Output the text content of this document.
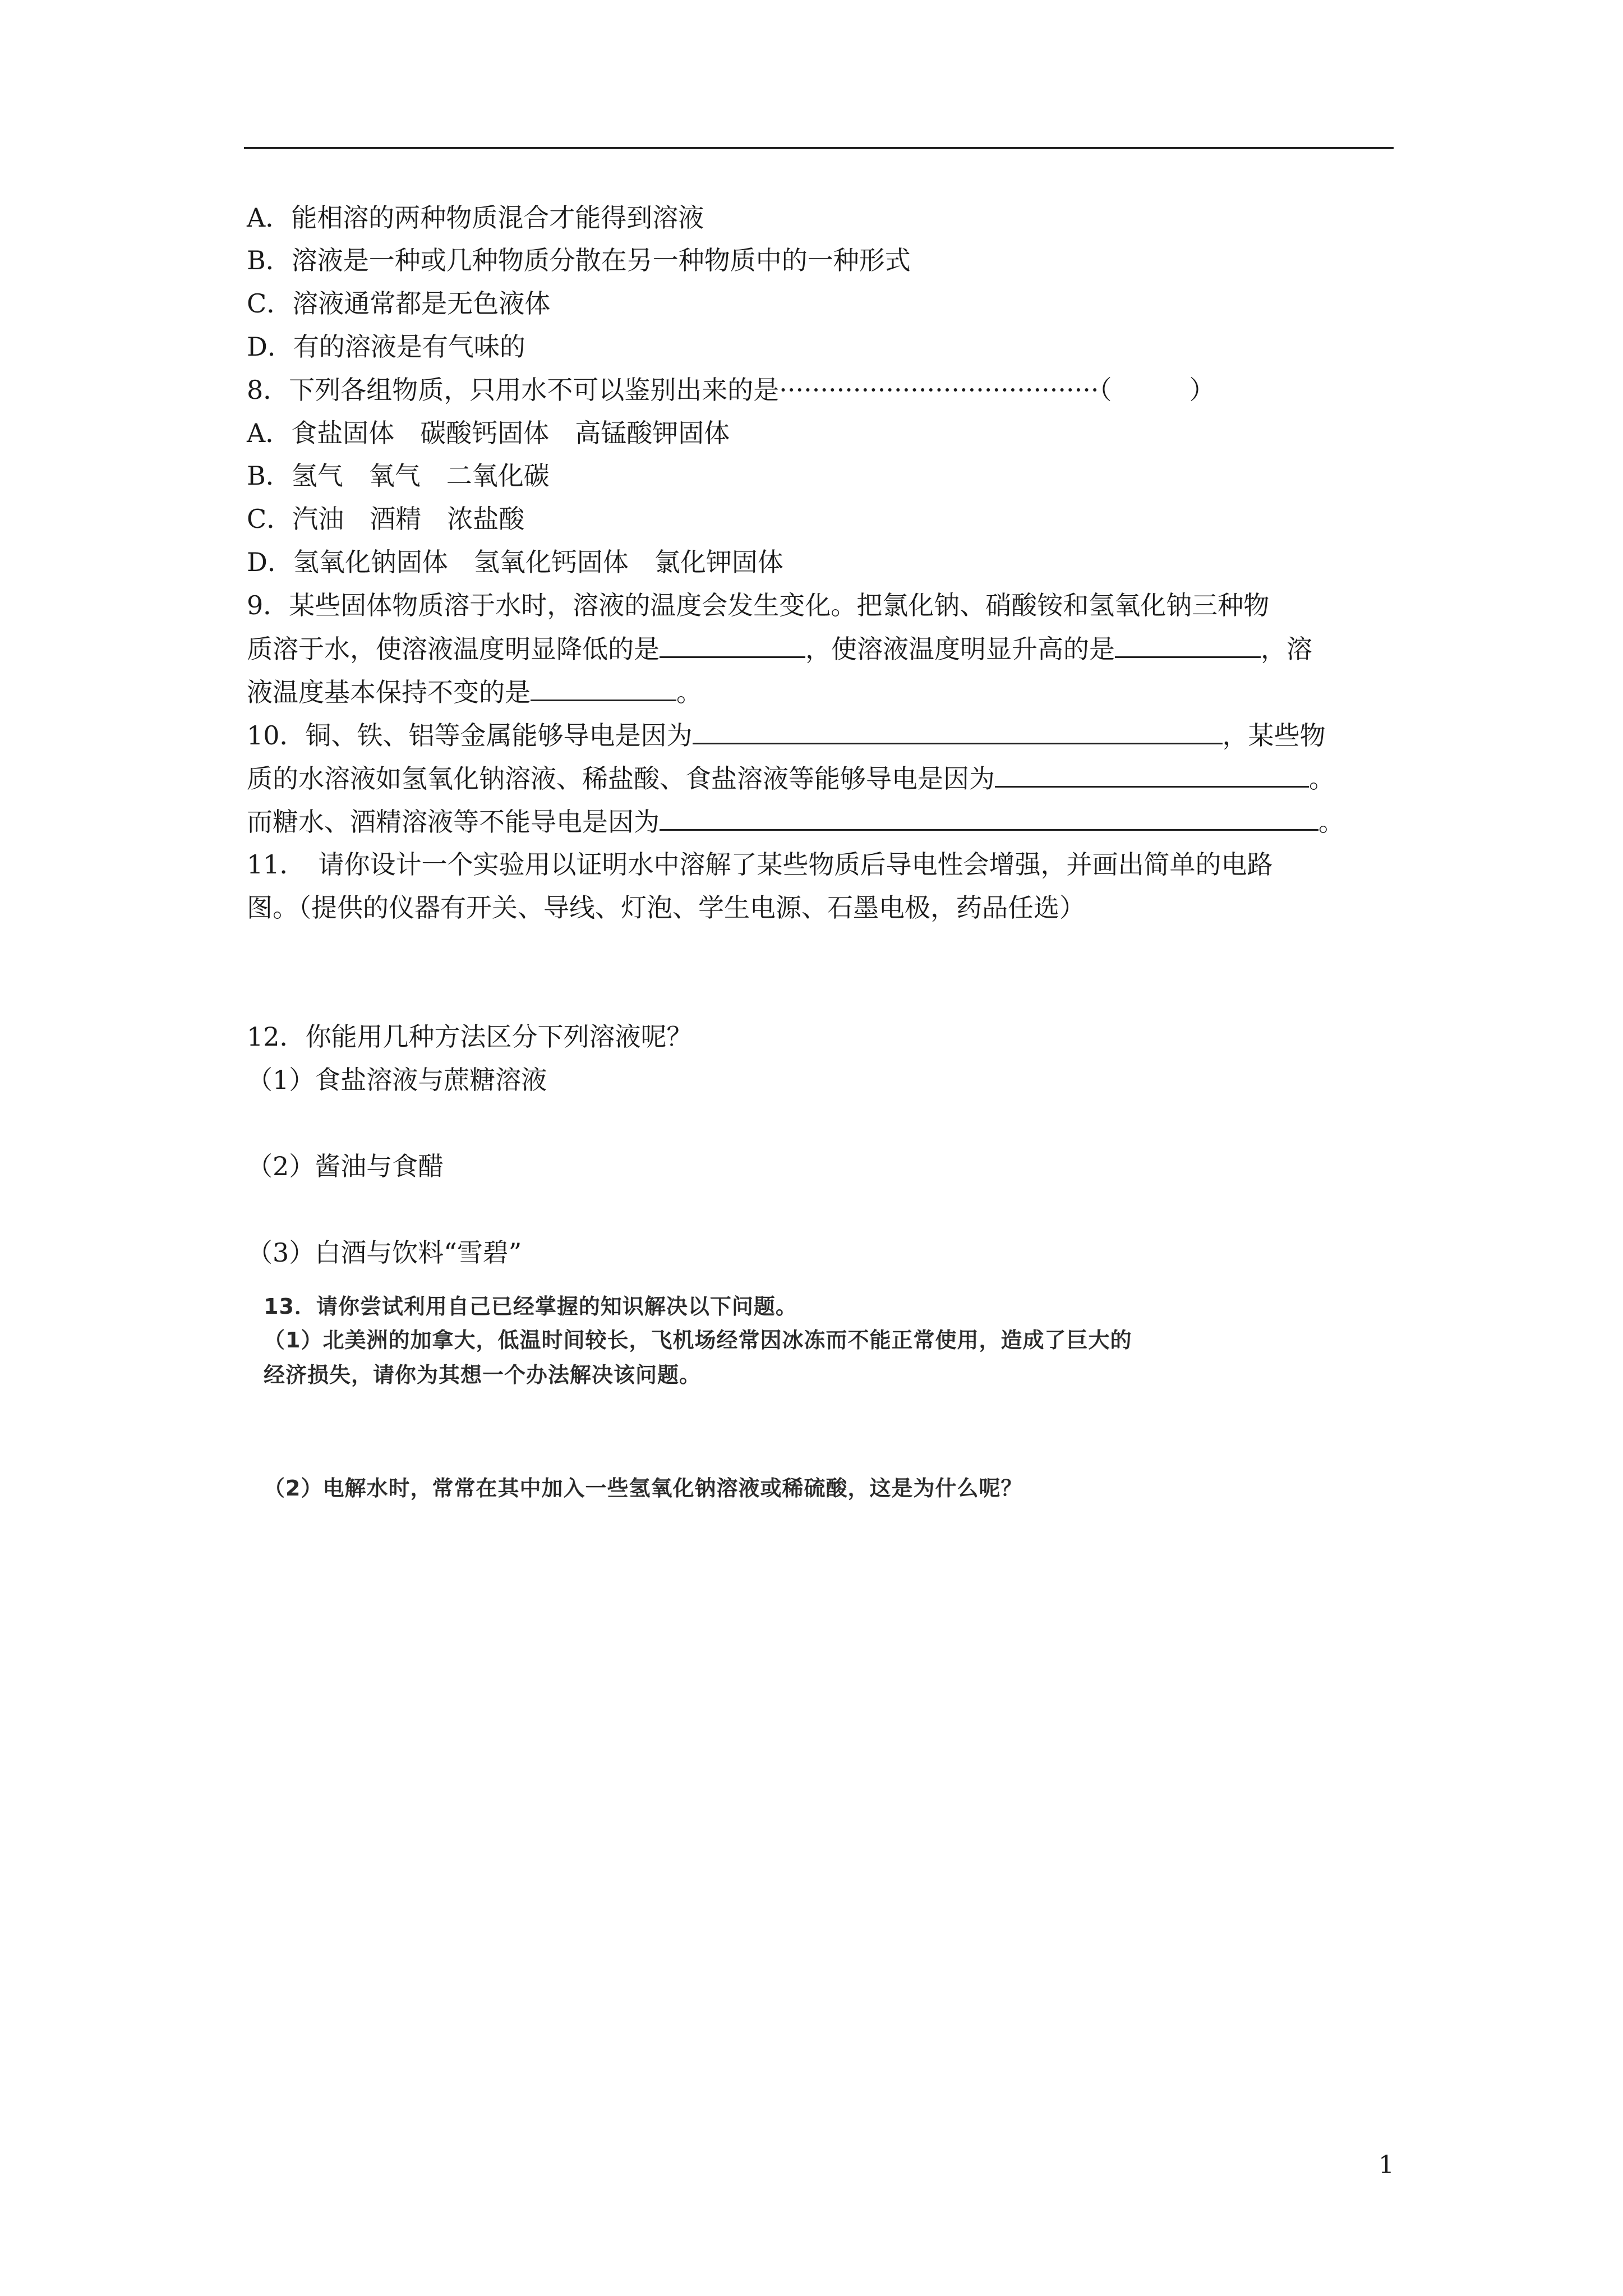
A．能相溶的两种物质混合才能得到溶液
B．溶液是一种或几种物质分散在另一种物质中的一种形式
C．溶液通常都是无色液体
D．有的溶液是有气味的
8．下列各组物质，只用水不可以鉴别出来的是·······································（　　　）
A．食盐固体　碳酸钙固体　高锰酸钾固体
B．氢气　氧气　二氧化碳
C．汽油　酒精　浓盐酸
D．氢氧化钠固体　氢氧化钙固体　氯化钾固体
9．某些固体物质溶于水时，溶液的温度会发生变化。把氯化钠、硝酸铵和氢氧化钠三种物
质溶于水，使溶液温度明显降低的是	，使溶液温度明显升高的是	，溶
液温度基本保持不变的是	。
10．铜、铁、铝等金属能够导电是因为	，某些物
质的水溶液如氢氧化钠溶液、稀盐酸、食盐溶液等能够导电是因为	。
而糖水、酒精溶液等不能导电是因为	。
11．　请你设计一个实验用以证明水中溶解了某些物质后导电性会增强，并画出简单的电路
图。（提供的仪器有开关、导线、灯泡、学生电源、石墨电极，药品任选）
12．你能用几种方法区分下列溶液呢？
（1）食盐溶液与蔗糖溶液
（2）酱油与食醋
（3）白酒与饮料“雪碧”
13．请你尝试利用自己已经掌握的知识解决以下问题。
（1）北美洲的加拿大，低温时间较长，飞机场经常因冰冻而不能正常使用，造成了巨大的
经济损失，请你为其想一个办法解决该问题。
（2）电解水时，常常在其中加入一些氢氧化钠溶液或稀硫酸，这是为什么呢？
1
